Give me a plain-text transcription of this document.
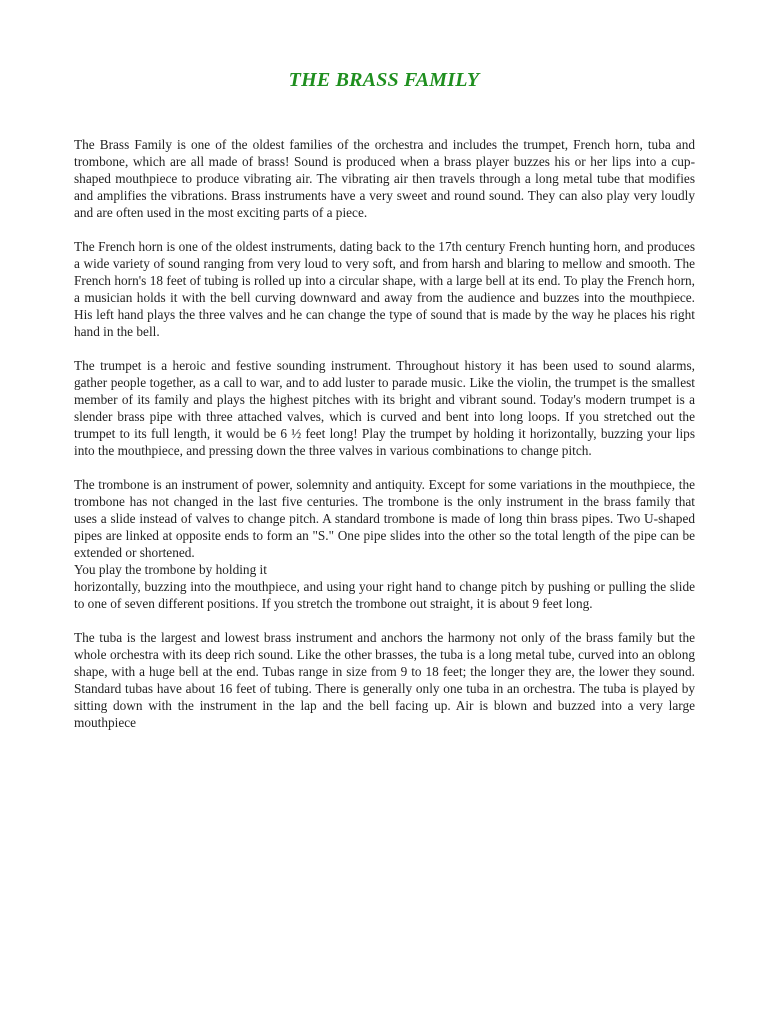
THE BRASS FAMILY

The Brass Family is one of the oldest families of the orchestra and includes the trumpet, French horn, tuba and trombone, which are all made of brass! Sound is produced when a brass player buzzes his or her lips into a cup-shaped mouthpiece to produce vibrating air. The vibrating air then travels through a long metal tube that modifies and amplifies the vibrations. Brass instruments have a very sweet and round sound. They can also play very loudly and are often used in the most exciting parts of a piece.

The French horn is one of the oldest instruments, dating back to the 17th century French hunting horn, and produces a wide variety of sound ranging from very loud to very soft, and from harsh and blaring to mellow and smooth. The French horn's 18 feet of tubing is rolled up into a circular shape, with a large bell at its end. To play the French horn, a musician holds it with the bell curving downward and away from the audience and buzzes into the mouthpiece. His left hand plays the three valves and he can change the type of sound that is made by the way he places his right hand in the bell.

The trumpet is a heroic and festive sounding instrument. Throughout history it has been used to sound alarms, gather people together, as a call to war, and to add luster to parade music. Like the violin, the trumpet is the smallest member of its family and plays the highest pitches with its bright and vibrant sound. Today's modern trumpet is a slender brass pipe with three attached valves, which is curved and bent into long loops. If you stretched out the trumpet to its full length, it would be 6 ½ feet long! Play the trumpet by holding it horizontally, buzzing your lips into the mouthpiece, and pressing down the three valves in various combinations to change pitch.

The trombone is an instrument of power, solemnity and antiquity. Except for some variations in the mouthpiece, the trombone has not changed in the last five centuries. The trombone is the only instrument in the brass family that uses a slide instead of valves to change pitch. A standard trombone is made of long thin brass pipes. Two U-shaped pipes are linked at opposite ends to form an "S." One pipe slides into the other so the total length of the pipe can be extended or shortened.

You play the trombone by holding it

horizontally, buzzing into the mouthpiece, and using your right hand to change pitch by pushing or pulling the slide to one of seven different positions. If you stretch the trombone out straight, it is about 9 feet long.

The tuba is the largest and lowest brass instrument and anchors the harmony not only of the brass family but the whole orchestra with its deep rich sound. Like the other brasses, the tuba is a long metal tube, curved into an oblong shape, with a huge bell at the end. Tubas range in size from 9 to 18 feet; the longer they are, the lower they sound. Standard tubas have about 16 feet of tubing. There is generally only one tuba in an orchestra. The tuba is played by sitting down with the instrument in the lap and the bell facing up. Air is blown and buzzed into a very large mouthpiece
